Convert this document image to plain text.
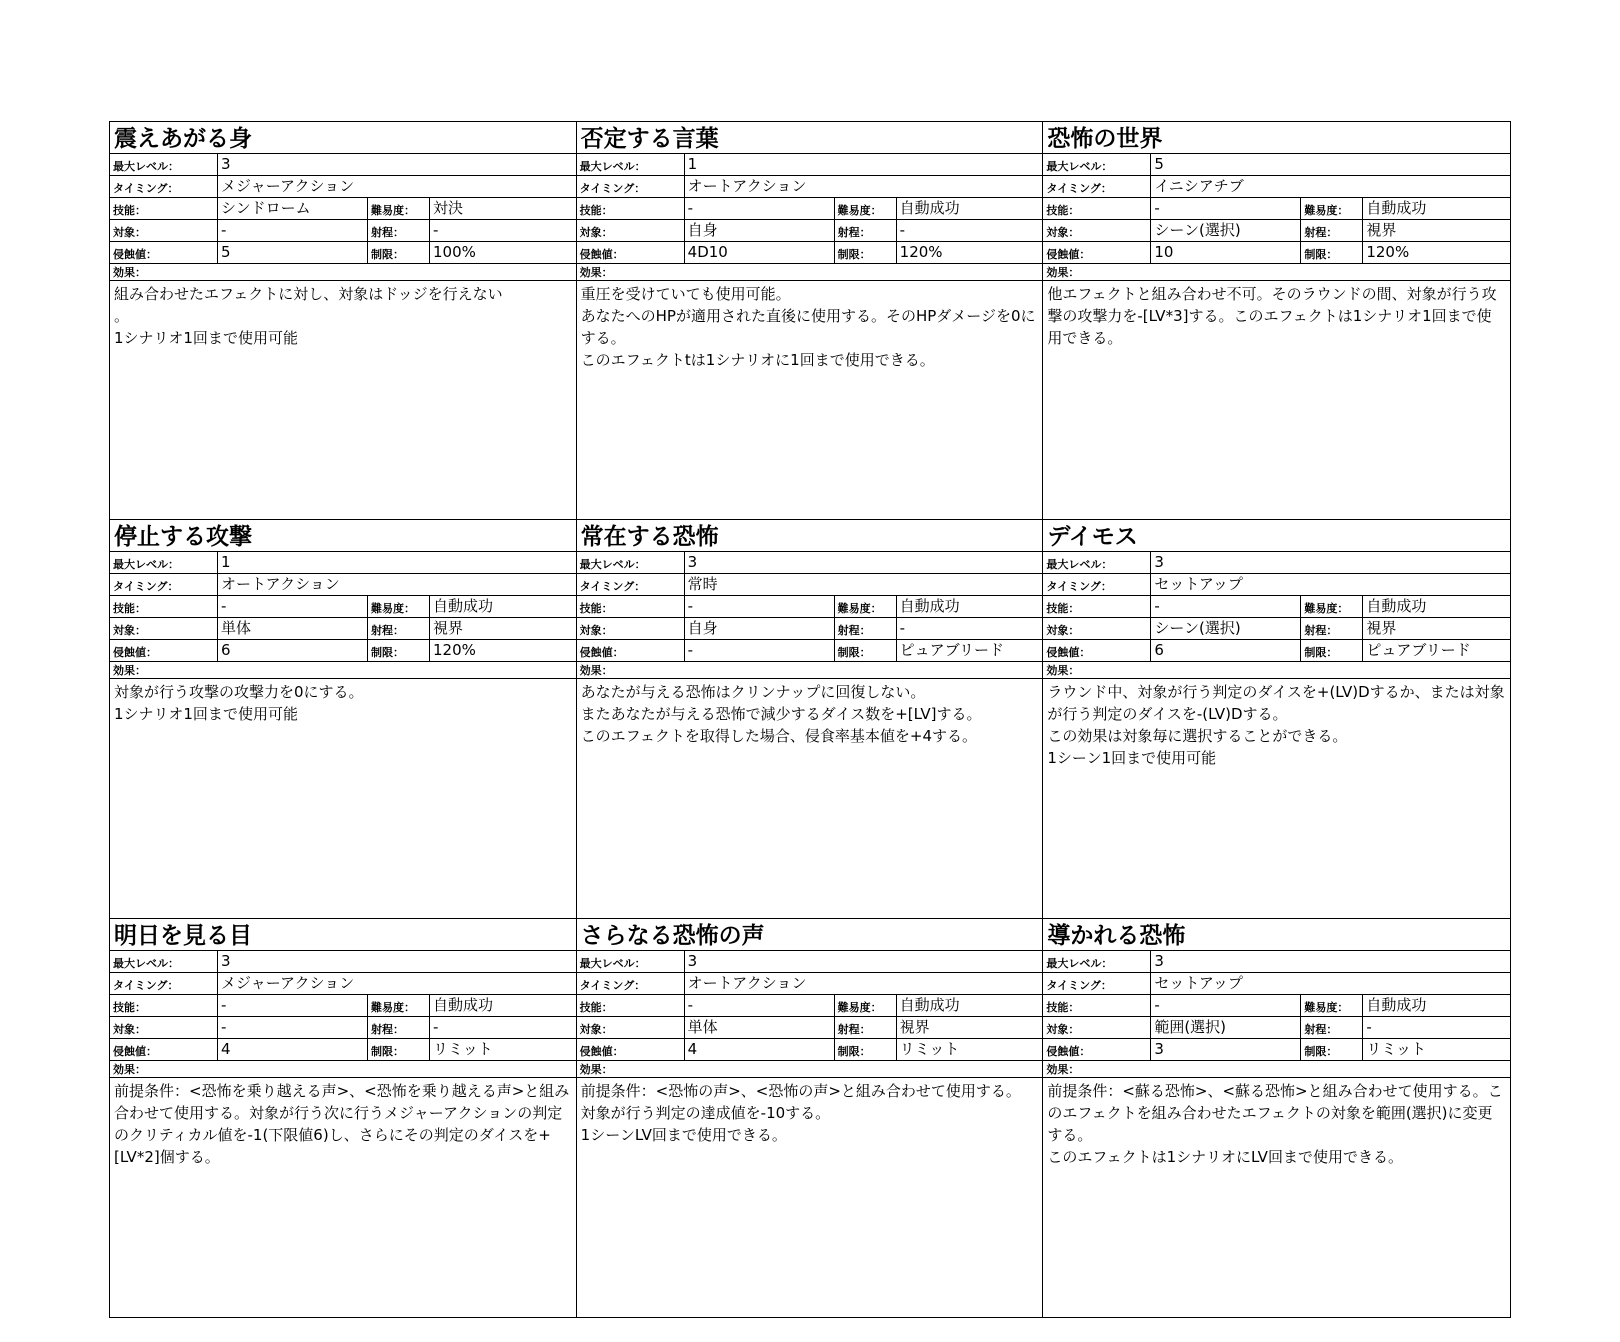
震えあがる身
最大レベル：	3
タイミング：	メジャーアクション
技能：	シンドローム	難易度：	対決
対象：	-	射程：	-
侵蝕値：	5	制限：	100%
効果：
組み合わせたエフェクトに対し、対象はドッジを行えない
。
1シナリオ1回まで使用可能
否定する言葉
最大レベル：	1
タイミング：	オートアクション
技能：	-	難易度：	自動成功
対象：	自身	射程：	-
侵蝕値：	4D10	制限：	120%
効果：
重圧を受けていても使用可能。
あなたへのHPが適用された直後に使用する。そのHPダメージを0にする。
このエフェクトtは1シナリオに1回まで使用できる。
恐怖の世界
最大レベル：	5
タイミング：	イニシアチブ
技能：	-	難易度：	自動成功
対象：	シーン(選択)	射程：	視界
侵蝕値：	10	制限：	120%
効果：
他エフェクトと組み合わせ不可。そのラウンドの間、対象が行う攻撃の攻撃力を-[LV*3]する。このエフェクトは1シナリオ1回まで使用できる。
停止する攻撃
最大レベル：	1
タイミング：	オートアクション
技能：	-	難易度：	自動成功
対象：	単体	射程：	視界
侵蝕値：	6	制限：	120%
効果：
対象が行う攻撃の攻撃力を0にする。
1シナリオ1回まで使用可能
常在する恐怖
最大レベル：	3
タイミング：	常時
技能：	-	難易度：	自動成功
対象：	自身	射程：	-
侵蝕値：	-	制限：	ピュアブリード
効果：
あなたが与える恐怖はクリンナップに回復しない。
またあなたが与える恐怖で減少するダイス数を+[LV]する。
このエフェクトを取得した場合、侵食率基本値を+4する。
デイモス
最大レベル：	3
タイミング：	セットアップ
技能：	-	難易度：	自動成功
対象：	シーン(選択)	射程：	視界
侵蝕値：	6	制限：	ピュアブリード
効果：
ラウンド中、対象が行う判定のダイスを+(LV)Dするか、または対象が行う判定のダイスを-(LV)Dする。
この効果は対象毎に選択することができる。
1シーン1回まで使用可能
明日を見る目
最大レベル：	3
タイミング：	メジャーアクション
技能：	-	難易度：	自動成功
対象：	-	射程：	-
侵蝕値：	4	制限：	リミット
効果：
前提条件：<恐怖を乗り越える声>、<恐怖を乗り越える声>と組み合わせて使用する。対象が行う次に行うメジャーアクションの判定のクリティカル値を-1(下限値6)し、さらにその判定のダイスを+[LV*2]個する。
さらなる恐怖の声
最大レベル：	3
タイミング：	オートアクション
技能：	-	難易度：	自動成功
対象：	単体	射程：	視界
侵蝕値：	4	制限：	リミット
効果：
前提条件：<恐怖の声>、<恐怖の声>と組み合わせて使用する。　対象が行う判定の達成値を-10する。
1シーンLV回まで使用できる。
導かれる恐怖
最大レベル：	3
タイミング：	セットアップ
技能：	-	難易度：	自動成功
対象：	範囲(選択)	射程：	-
侵蝕値：	3	制限：	リミット
効果：
前提条件：<蘇る恐怖>、<蘇る恐怖>と組み合わせて使用する。このエフェクトを組み合わせたエフェクトの対象を範囲(選択)に変更する。
このエフェクトは1シナリオにLV回まで使用できる。
